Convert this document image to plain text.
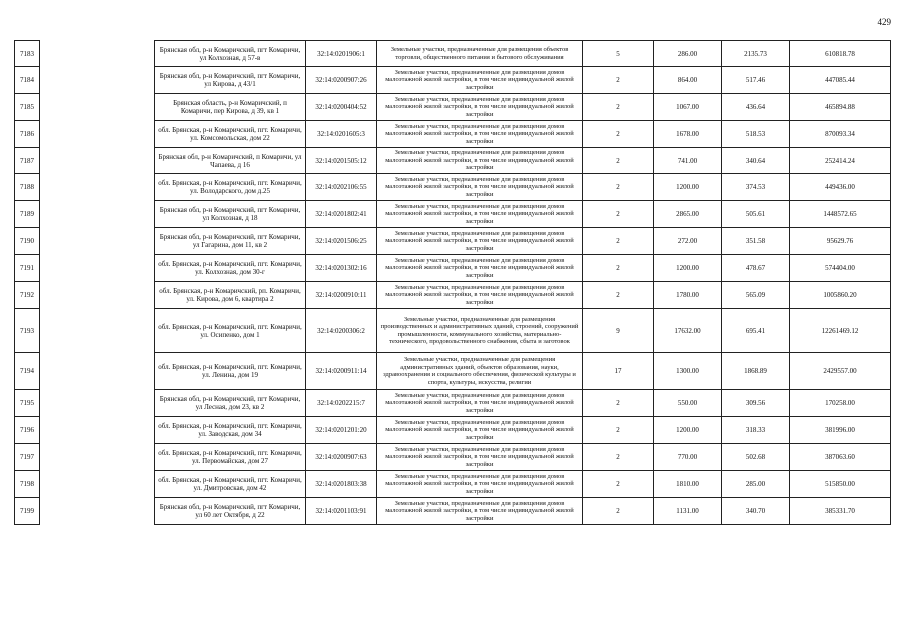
429
7183		Брянская обл, р-н Комаричский, пгт Комаричи, ул Колхозная, д 57-в	32:14:0201906:1	Земельные участки, предназначенные для размещения объектов торговли, общественного питания и бытового обслуживания	5	286.00	2135.73	610818.78
7184		Брянская обл, р-н Комаричский, пгт Комаричи, ул Кирова, д 43/1	32:14:0200907:26	Земельные участки, предназначенные для размещения домов малоэтажной жилой застройки, в том числе индивидуальной жилой застройки	2	864.00	517.46	447085.44
7185		Брянская область, р-н Комаричский, п Комаричи, пер Кирова, д 39, кв 1	32:14:0200404:52	Земельные участки, предназначенные для размещения домов малоэтажной жилой застройки, в том числе индивидуальной жилой застройки	2	1067.00	436.64	465894.88
7186		обл. Брянская, р-н Комаричский, пгт. Комаричи, ул. Комсомольская, дом 22	32:14:0201605:3	Земельные участки, предназначенные для размещения домов малоэтажной жилой застройки, в том числе индивидуальной жилой застройки	2	1678.00	518.53	870093.34
7187		Брянская обл, р-н Комаричский, п Комаричи, ул Чапаева, д 16	32:14:0201505:12	Земельные участки, предназначенные для размещения домов малоэтажной жилой застройки, в том числе индивидуальной жилой застройки	2	741.00	340.64	252414.24
7188		обл. Брянская, р-н Комаричский, пгт. Комаричи, ул. Володарского, дом д.25	32:14:0202106:55	Земельные участки, предназначенные для размещения домов малоэтажной жилой застройки, в том числе индивидуальной жилой застройки	2	1200.00	374.53	449436.00
7189		Брянская обл, р-н Комаричский, пгт Комаричи, ул Колхозная, д 18	32:14:0201802:41	Земельные участки, предназначенные для размещения домов малоэтажной жилой застройки, в том числе индивидуальной жилой застройки	2	2865.00	505.61	1448572.65
7190		Брянская обл, р-н Комаричский, пгт Комаричи, ул Гагарина, дом 11, кв 2	32:14:0201506:25	Земельные участки, предназначенные для размещения домов малоэтажной жилой застройки, в том числе индивидуальной жилой застройки	2	272.00	351.58	95629.76
7191		обл. Брянская, р-н Комаричский, пгт. Комаричи, ул. Колхозная, дом 30-г	32:14:0201302:16	Земельные участки, предназначенные для размещения домов малоэтажной жилой застройки, в том числе индивидуальной жилой застройки	2	1200.00	478.67	574404.00
7192		обл. Брянская, р-н Комаричский, рп. Комаричи, ул. Кирова, дом 6, квартира 2	32:14:0200910:11	Земельные участки, предназначенные для размещения домов малоэтажной жилой застройки, в том числе индивидуальной жилой застройки	2	1780.00	565.09	1005860.20
7193		обл. Брянская, р-н Комаричский, пгт. Комаричи, ул. Осипенко, дом 1	32:14:0200306:2	Земельные участки, предназначенные для размещения производственных и административных зданий, строений, сооружений промышленности, коммунального хозяйства, материально-технического, продовольственного снабжения, сбыта и заготовок	9	17632.00	695.41	12261469.12
7194		обл. Брянская, р-н Комаричский, пгт. Комаричи, ул. Ленина, дом 19	32:14:0200911:14	Земельные участки, предназначенные для размещения административных зданий, объектов образования, науки, здравоохранения и социального обеспечения, физической культуры и спорта, культуры, искусства, религии	17	1300.00	1868.89	2429557.00
7195		Брянская обл, р-н Комаричский, пгт Комаричи, ул Лесная, дом 23, кв 2	32:14:0202215:7	Земельные участки, предназначенные для размещения домов малоэтажной жилой застройки, в том числе индивидуальной жилой застройки	2	550.00	309.56	170258.00
7196		обл. Брянская, р-н Комаричский, пгт. Комаричи, ул. Заводская, дом 34	32:14:0201201:20	Земельные участки, предназначенные для размещения домов малоэтажной жилой застройки, в том числе индивидуальной жилой застройки	2	1200.00	318.33	381996.00
7197		обл. Брянская, р-н Комаричский, пгт. Комаричи, ул. Первомайская, дом 27	32:14:0200907:63	Земельные участки, предназначенные для размещения домов малоэтажной жилой застройки, в том числе индивидуальной жилой застройки	2	770.00	502.68	387063.60
7198		обл. Брянская, р-н Комаричский, пгт. Комаричи, ул. Дмитровская, дом 42	32:14:0201803:38	Земельные участки, предназначенные для размещения домов малоэтажной жилой застройки, в том числе индивидуальной жилой застройки	2	1810.00	285.00	515850.00
7199		Брянская обл, р-н Комаричский, пгт Комаричи, ул 60 лет Октября, д 22	32:14:0201103:91	Земельные участки, предназначенные для размещения домов малоэтажной жилой застройки, в том числе индивидуальной жилой застройки	2	1131.00	340.70	385331.70
